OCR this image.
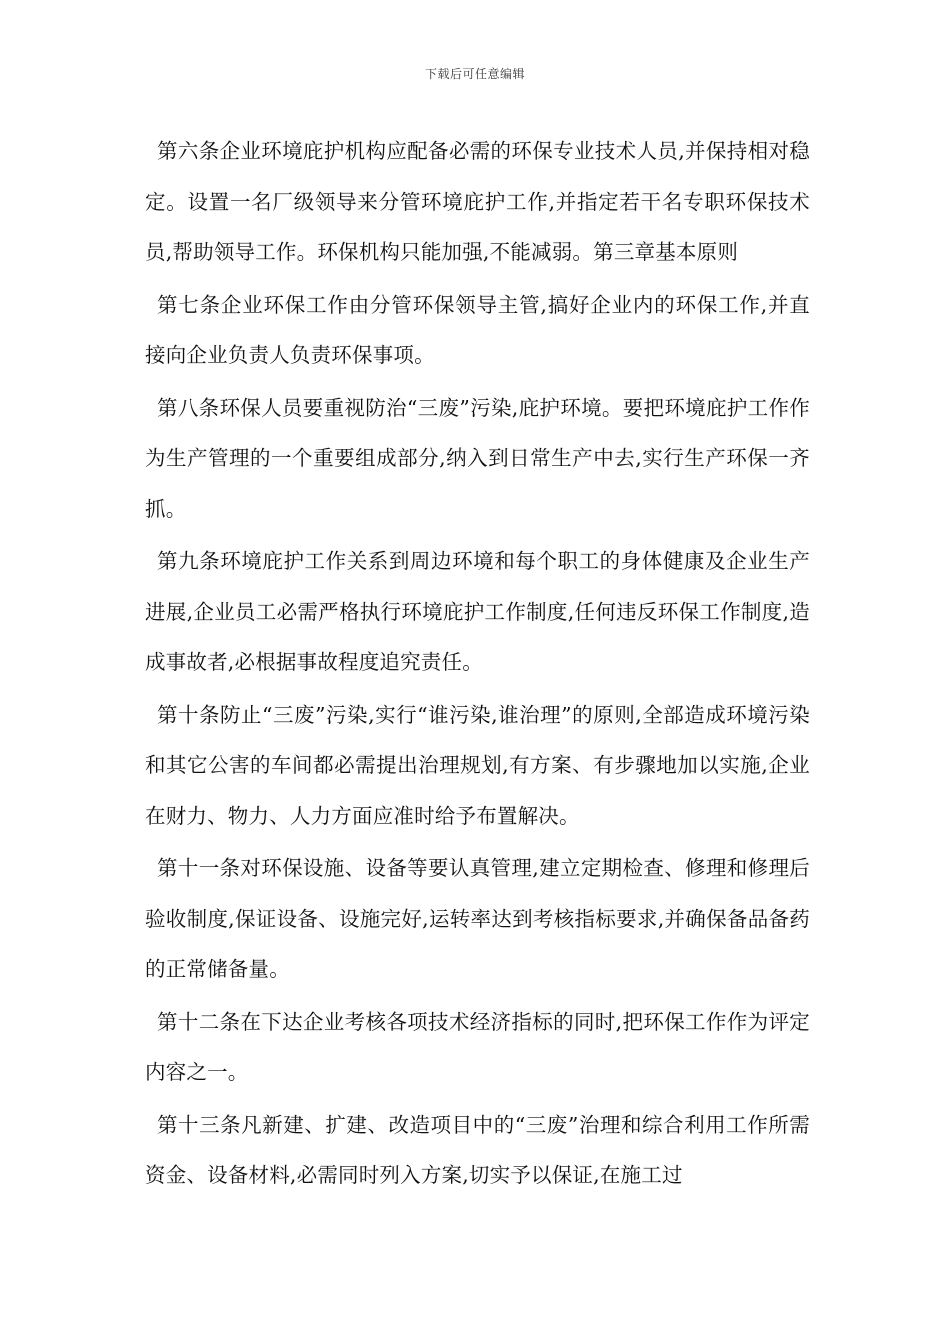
下载后可任意编辑

第六条企业环境庇护机构应配备必需的环保专业技术人员,并保持相对稳定。设置一名厂级领导来分管环境庇护工作,并指定若干名专职环保技术员,帮助领导工作。环保机构只能加强,不能减弱。第三章基本原则

第七条企业环保工作由分管环保领导主管,搞好企业内的环保工作,并直接向企业负责人负责环保事项。

第八条环保人员要重视防治“三废”污染,庇护环境。要把环境庇护工作作为生产管理的一个重要组成部分,纳入到日常生产中去,实行生产环保一齐抓。

第九条环境庇护工作关系到周边环境和每个职工的身体健康及企业生产进展,企业员工必需严格执行环境庇护工作制度,任何违反环保工作制度,造成事故者,必根据事故程度追究责任。

第十条防止“三废”污染,实行“谁污染,谁治理”的原则,全部造成环境污染和其它公害的车间都必需提出治理规划,有方案、有步骤地加以实施,企业在财力、物力、人力方面应准时给予布置解决。

第十一条对环保设施、设备等要认真管理,建立定期检查、修理和修理后验收制度,保证设备、设施完好,运转率达到考核指标要求,并确保备品备药的正常储备量。

第十二条在下达企业考核各项技术经济指标的同时,把环保工作作为评定内容之一。

第十三条凡新建、扩建、改造项目中的“三废”治理和综合利用工作所需资金、设备材料,必需同时列入方案,切实予以保证,在施工过
